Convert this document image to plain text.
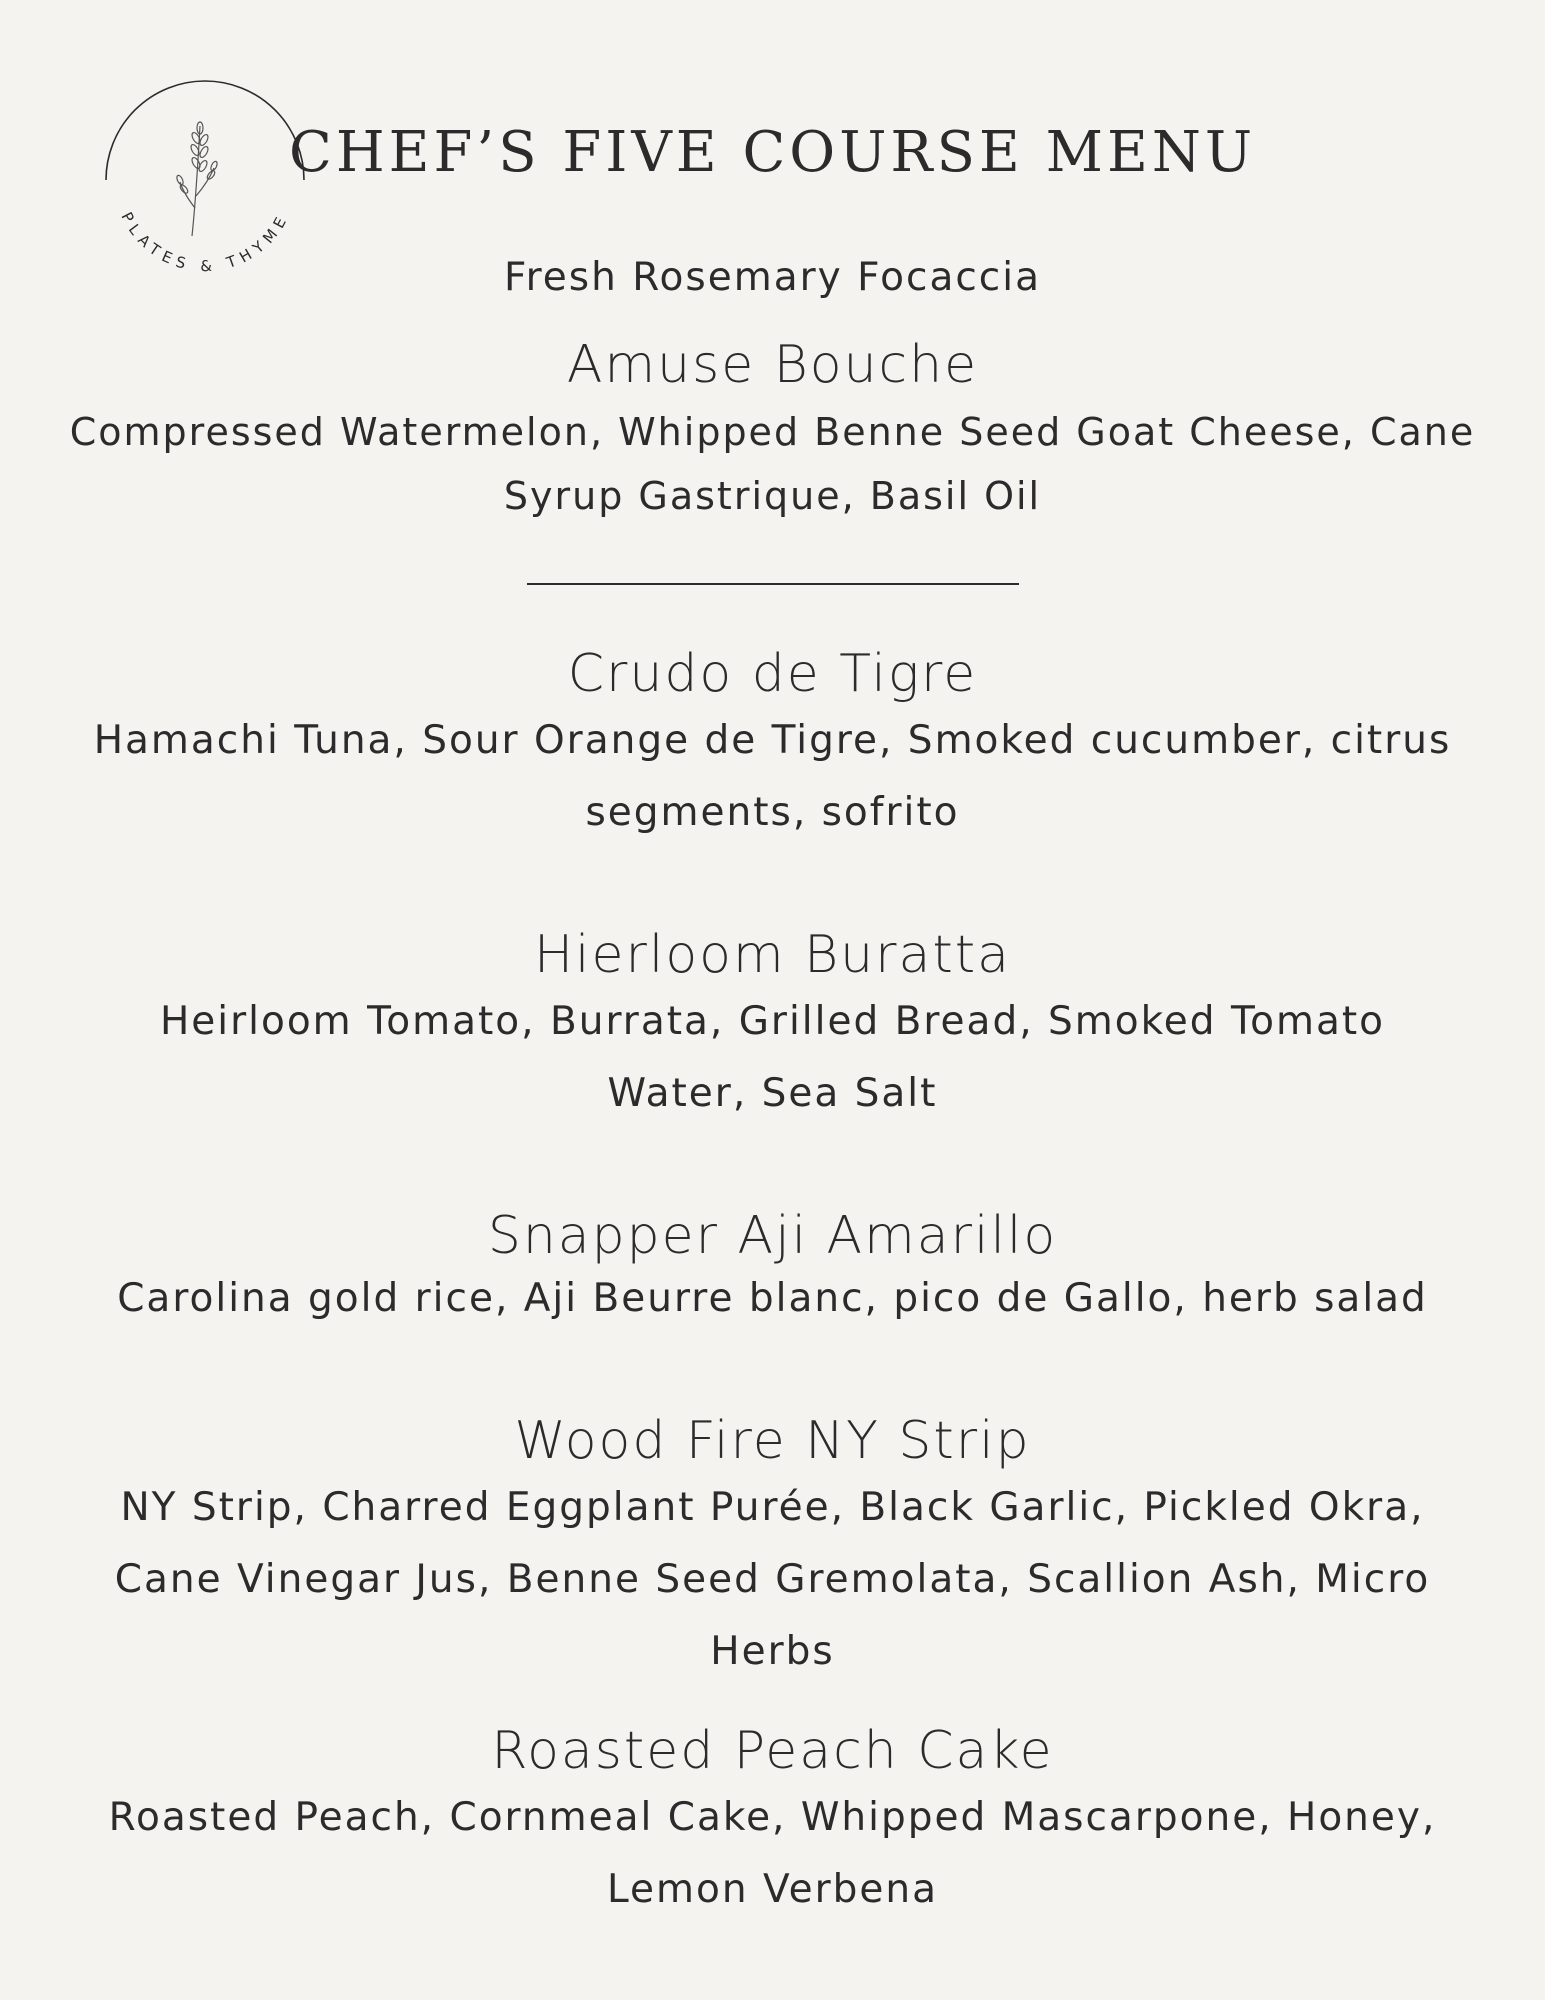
PLATES & THYME
CHEF’S FIVE COURSE MENU
Fresh Rosemary Focaccia
Amuse Bouche
Compressed Watermelon, Whipped Benne Seed Goat Cheese, Cane
Syrup Gastrique, Basil Oil
Crudo de Tigre
Hamachi Tuna, Sour Orange de Tigre, Smoked cucumber, citrus
segments, sofrito
Hierloom Buratta
Heirloom Tomato, Burrata, Grilled Bread, Smoked Tomato
Water, Sea Salt
Snapper Aji Amarillo
Carolina gold rice, Aji Beurre blanc, pico de Gallo, herb salad
Wood Fire NY Strip
NY Strip, Charred Eggplant Purée, Black Garlic, Pickled Okra,
Cane Vinegar Jus, Benne Seed Gremolata, Scallion Ash, Micro
Herbs
Roasted Peach Cake
Roasted Peach, Cornmeal Cake, Whipped Mascarpone, Honey,
Lemon Verbena
